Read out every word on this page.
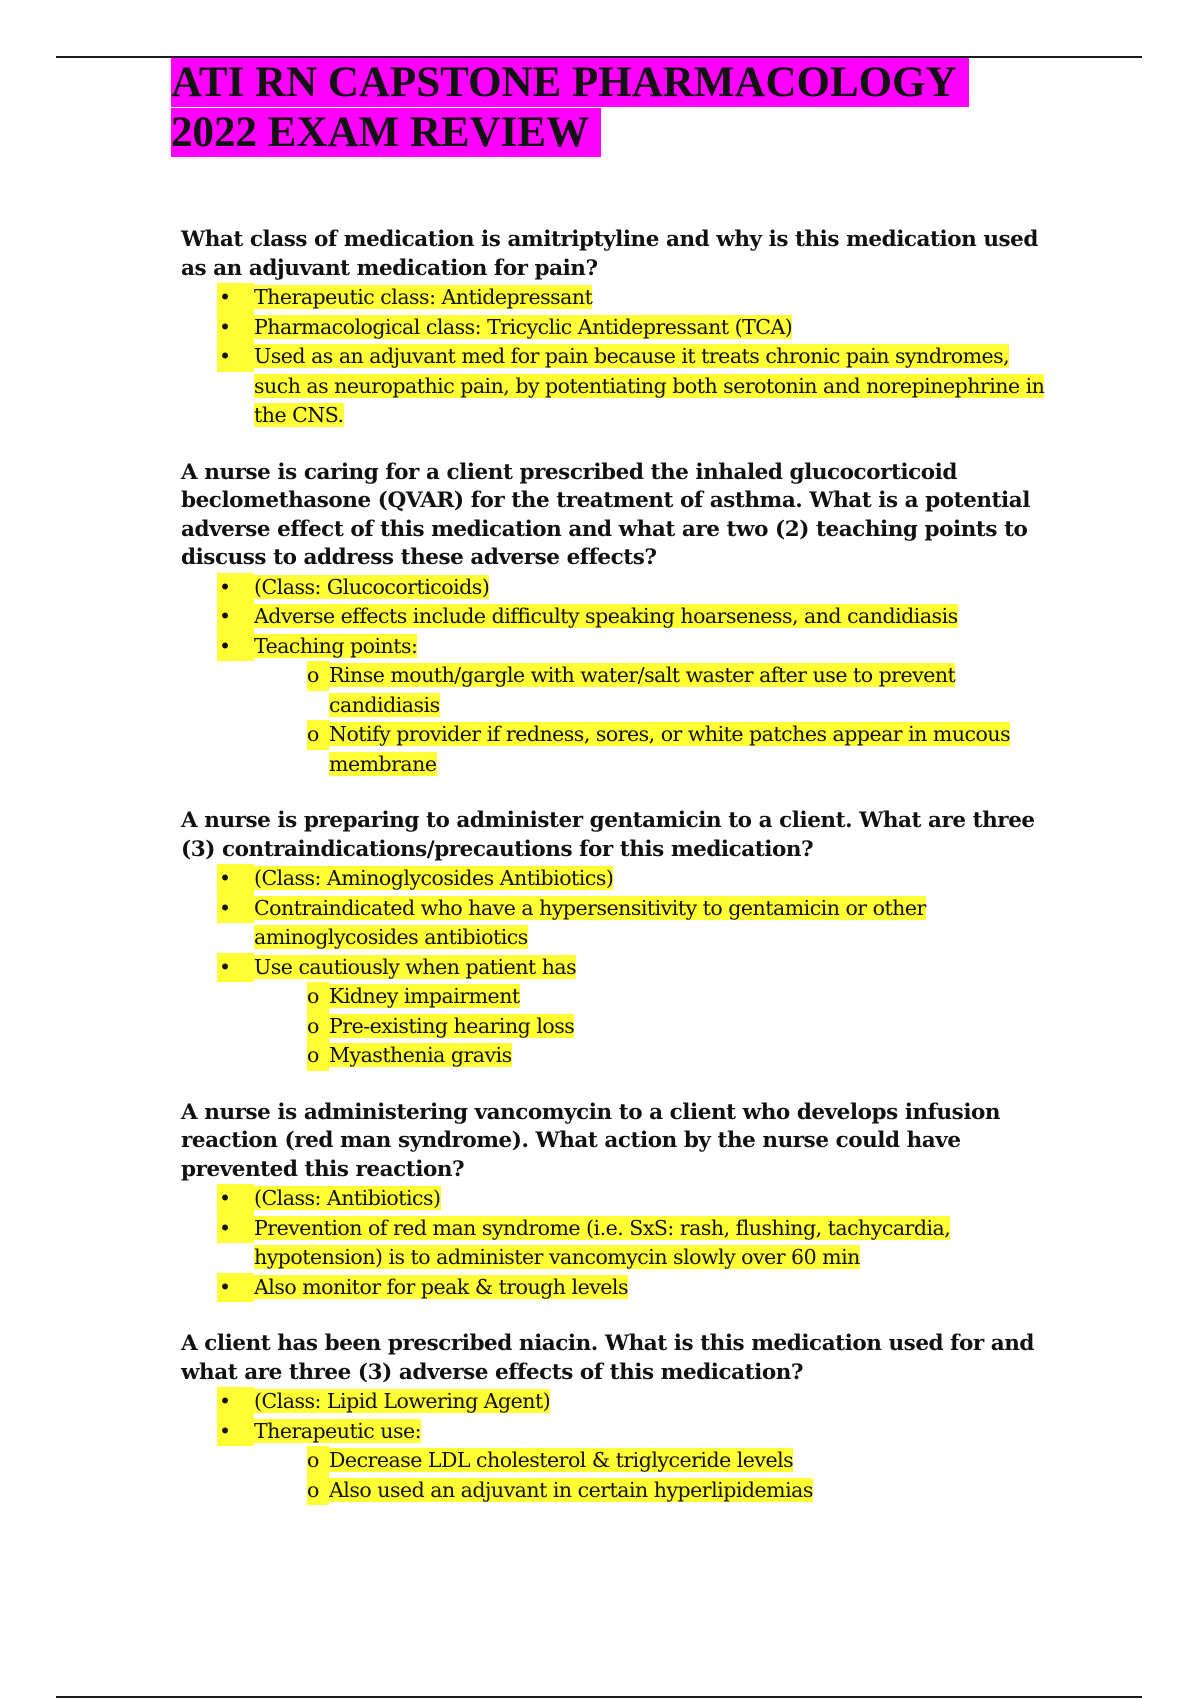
ATI RN CAPSTONE PHARMACOLOGY
2022 EXAM REVIEW

What class of medication is amitriptyline and why is this medication used as an adjuvant medication for pain?

•	Therapeutic class: Antidepressant
•	Pharmacological class: Tricyclic Antidepressant (TCA)
•	Used as an adjuvant med for pain because it treats chronic pain syndromes, such as neuropathic pain, by potentiating both serotonin and norepinephrine in the CNS.

A nurse is caring for a client prescribed the inhaled glucocorticoid beclomethasone (QVAR) for the treatment of asthma. What is a potential adverse effect of this medication and what are two (2) teaching points to discuss to address these adverse effects?

•	(Class: Glucocorticoids)
•	Adverse effects include difficulty speaking hoarseness, and candidiasis
•	Teaching points:
o Rinse mouth/gargle with water/salt waster after use to prevent candidiasis
o Notify provider if redness, sores, or white patches appear in mucous membrane

A nurse is preparing to administer gentamicin to a client. What are three (3) contraindications/precautions for this medication?

•	(Class: Aminoglycosides Antibiotics)
•	Contraindicated who have a hypersensitivity to gentamicin or other aminoglycosides antibiotics
•	Use cautiously when patient has
o Kidney impairment
o Pre-existing hearing loss
o Myasthenia gravis

A nurse is administering vancomycin to a client who develops infusion reaction (red man syndrome). What action by the nurse could have prevented this reaction?

•	(Class: Antibiotics)
•	Prevention of red man syndrome (i.e. SxS: rash, flushing, tachycardia, hypotension) is to administer vancomycin slowly over 60 min
•	Also monitor for peak & trough levels

A client has been prescribed niacin. What is this medication used for and what are three (3) adverse effects of this medication?

•	(Class: Lipid Lowering Agent)
•	Therapeutic use:
o Decrease LDL cholesterol & triglyceride levels
o Also used an adjuvant in certain hyperlipidemias
